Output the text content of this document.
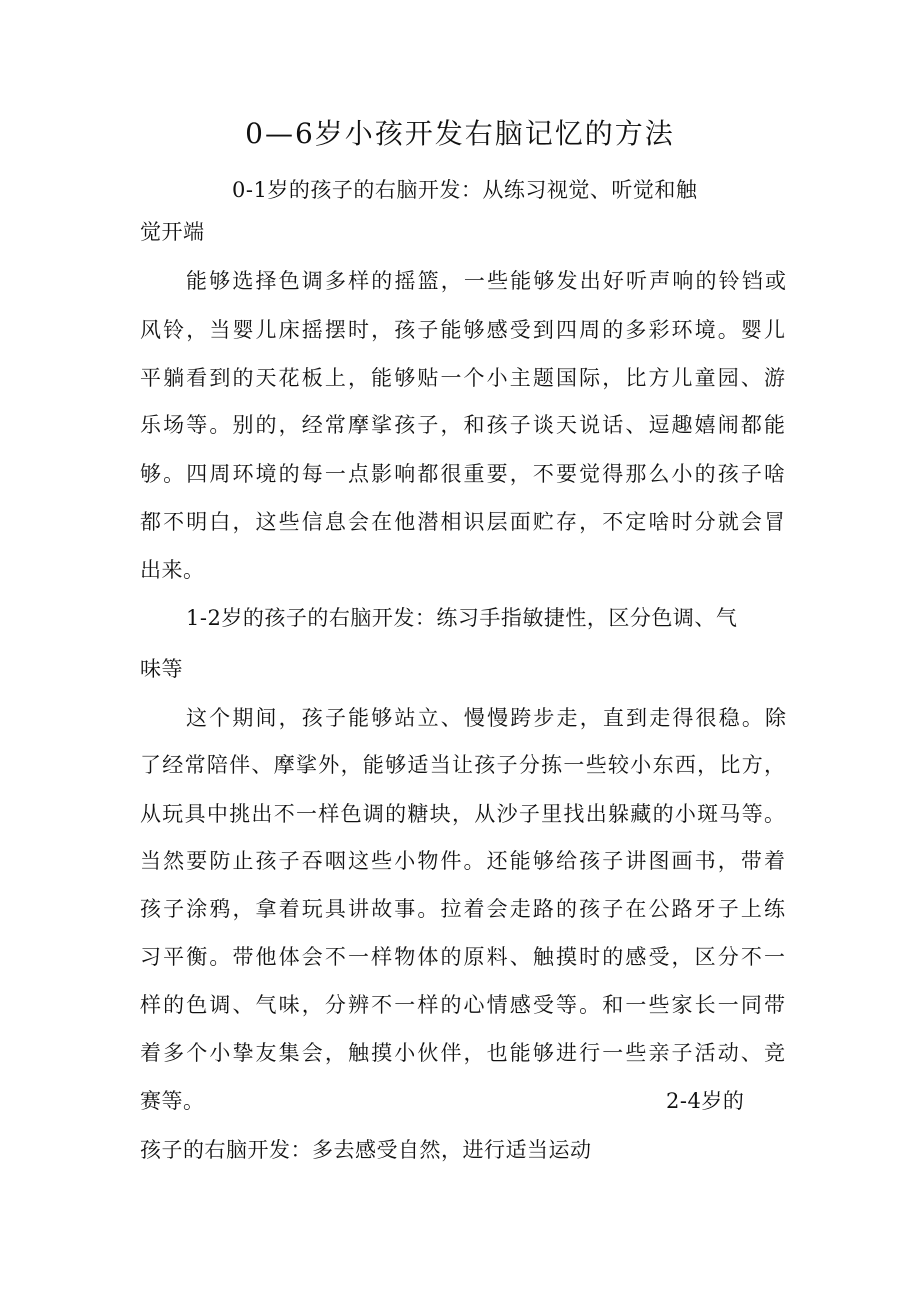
0—6岁小孩开发右脑记忆的方法
0-1岁的孩子的右脑开发：从练习视觉、听觉和触
觉开端
能够选择色调多样的摇篮，一些能够发出好听声响的铃铛或
风铃，当婴儿床摇摆时，孩子能够感受到四周的多彩环境。婴儿
平躺看到的天花板上，能够贴一个小主题国际，比方儿童园、游
乐场等。别的，经常摩挲孩子，和孩子谈天说话、逗趣嬉闹都能
够。四周环境的每一点影响都很重要，不要觉得那么小的孩子啥
都不明白，这些信息会在他潜相识层面贮存，不定啥时分就会冒
出来。
1-2岁的孩子的右脑开发：练习手指敏捷性，区分色调、气
味等
这个期间，孩子能够站立、慢慢跨步走，直到走得很稳。除
了经常陪伴、摩挲外，能够适当让孩子分拣一些较小东西，比方，
从玩具中挑出不一样色调的糖块，从沙子里找出躲藏的小斑马等。
当然要防止孩子吞咽这些小物件。还能够给孩子讲图画书，带着
孩子涂鸦，拿着玩具讲故事。拉着会走路的孩子在公路牙子上练
习平衡。带他体会不一样物体的原料、触摸时的感受，区分不一
样的色调、气味，分辨不一样的心情感受等。和一些家长一同带
着多个小挚友集会，触摸小伙伴，也能够进行一些亲子活动、竞
赛等。	2-4岁的
孩子的右脑开发：多去感受自然，进行适当运动
